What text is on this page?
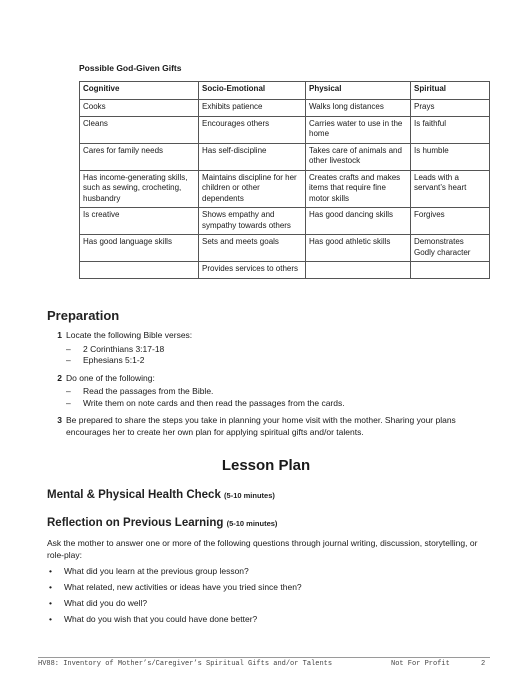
Possible God-Given Gifts
Cognitive	Socio-Emotional	Physical	Spiritual
Cooks	Exhibits patience	Walks long distances	Prays
Cleans	Encourages others	Carries water to use in the home	Is faithful
Cares for family needs	Has self-discipline	Takes care of animals and other livestock	Is humble
Has income-generating skills, such as sewing, crocheting, husbandry	Maintains discipline for her children or other dependents	Creates crafts and makes items that require fine motor skills	Leads with a servant’s heart
Is creative	Shows empathy and sympathy towards others	Has good dancing skills	Forgives
Has good language skills	Sets and meets goals	Has good athletic skills	Demonstrates Godly character
	Provides services to others		
Preparation
1 Locate the following Bible verses:
– 2 Corinthians 3:17-18
– Ephesians 5:1-2
2 Do one of the following:
– Read the passages from the Bible.
– Write them on note cards and then read the passages from the cards.
3 Be prepared to share the steps you take in planning your home visit with the mother. Sharing your plans encourages her to create her own plan for applying spiritual gifts and/or talents.
Lesson Plan
Mental & Physical Health Check (5-10 minutes)
Reflection on Previous Learning (5-10 minutes)
Ask the mother to answer one or more of the following questions through journal writing, discussion, storytelling, or role-play:
• What did you learn at the previous group lesson?
• What related, new activities or ideas have you tried since then?
• What did you do well?
• What do you wish that you could have done better?
HV88: Inventory of Mother’s/Caregiver’s Spiritual Gifts and/or Talents	Not For Profit	2
